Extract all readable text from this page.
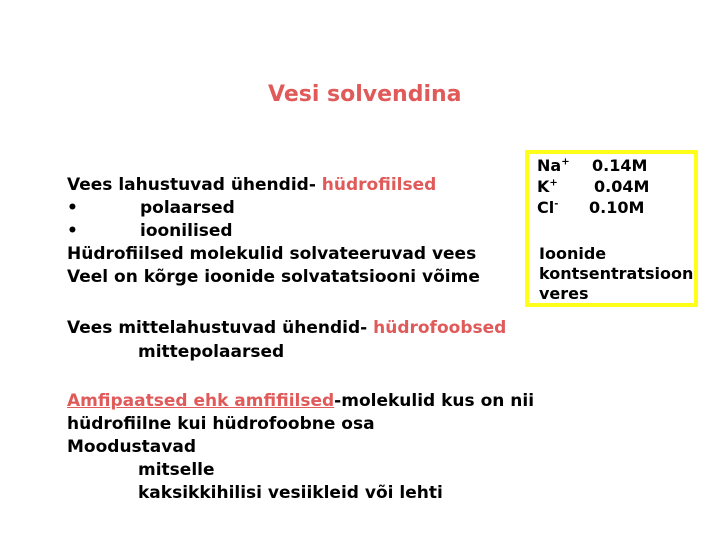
Vesi solvendina
Vees lahustuvad ühendid- hüdrofiilsed
•	polaarsed
•	ioonilised
Hüdrofiilsed molekulid solvateeruvad vees
Veel on kõrge ioonide solvatatsiooni võime
Na+ 0.14M
K+ 0.04M
Cl- 0.10M
Ioonide
kontsentratsioon
veres
Vees mittelahustuvad ühendid- hüdrofoobsed
mittepolaarsed
Amfipaatsed ehk amfifiilsed-molekulid kus on nii
hüdrofiilne kui hüdrofoobne osa
Moodustavad
mitselle
kaksikkihilisi vesiikleid või lehti
